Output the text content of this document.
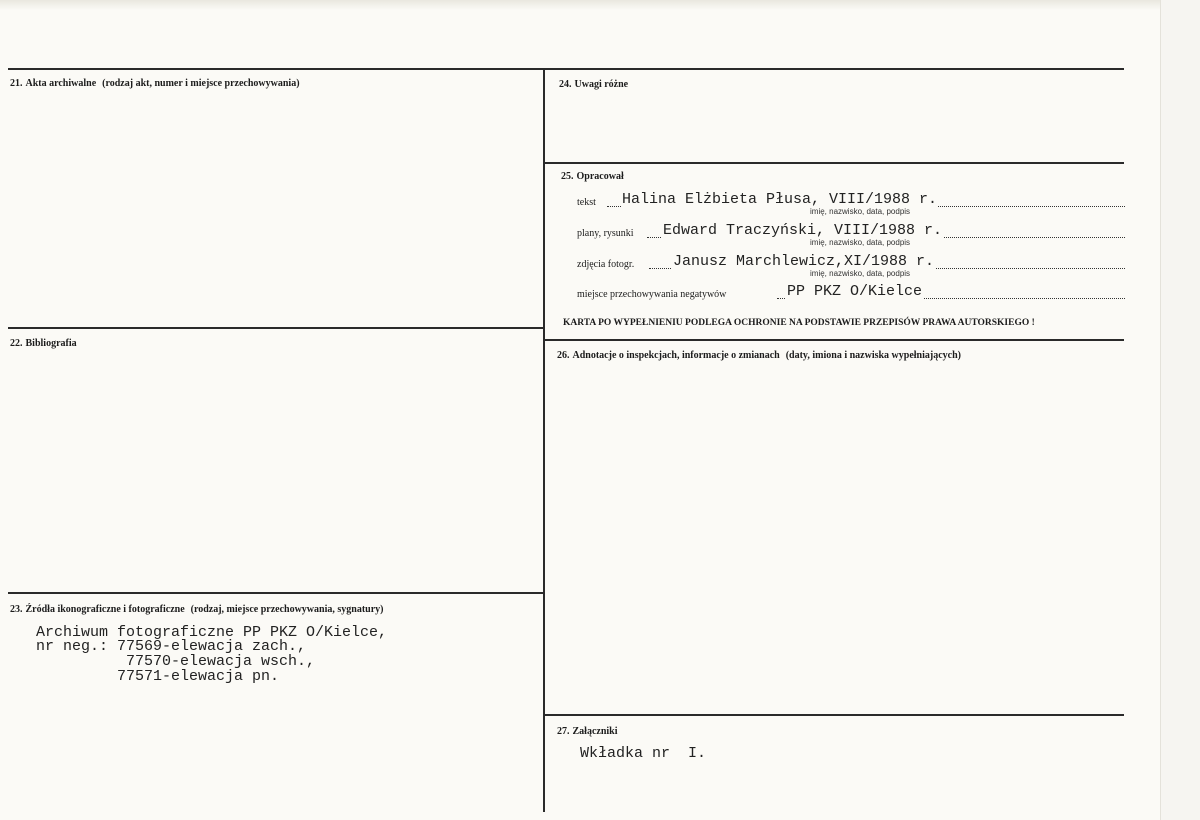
21. Akta archiwalne (rodzaj akt, numer i miejsce przechowywania)
22. Bibliografia
23. Źródła ikonograficzne i fotograficzne (rodzaj, miejsce przechowywania, sygnatury)
Archiwum fotograficzne PP PKZ O/Kielce,
nr neg.: 77569-elewacja zach.,
77570-elewacja wsch.,
77571-elewacja pn.
24. Uwagi różne
25. Opracował
tekst Halina Elżbieta Płusa, VIII/1988 r.
imię, nazwisko, data, podpis
plany, rysunki Edward Traczyński, VIII/1988 r.
imię, nazwisko, data, podpis
zdjęcia fotogr.	Janusz Marchlewicz,XI/1988 r.
imię, nazwisko, data, podpis
miejsce przechowywania negatywów	PP PKZ O/Kielce
KARTA PO WYPEŁNIENIU PODLEGA OCHRONIE NA PODSTAWIE PRZEPISÓW PRAWA AUTORSKIEGO !
26. Adnotacje o inspekcjach, informacje o zmianach (daty, imiona i nazwiska wypełniających)
27. Załączniki
Wkładka nr  I.
